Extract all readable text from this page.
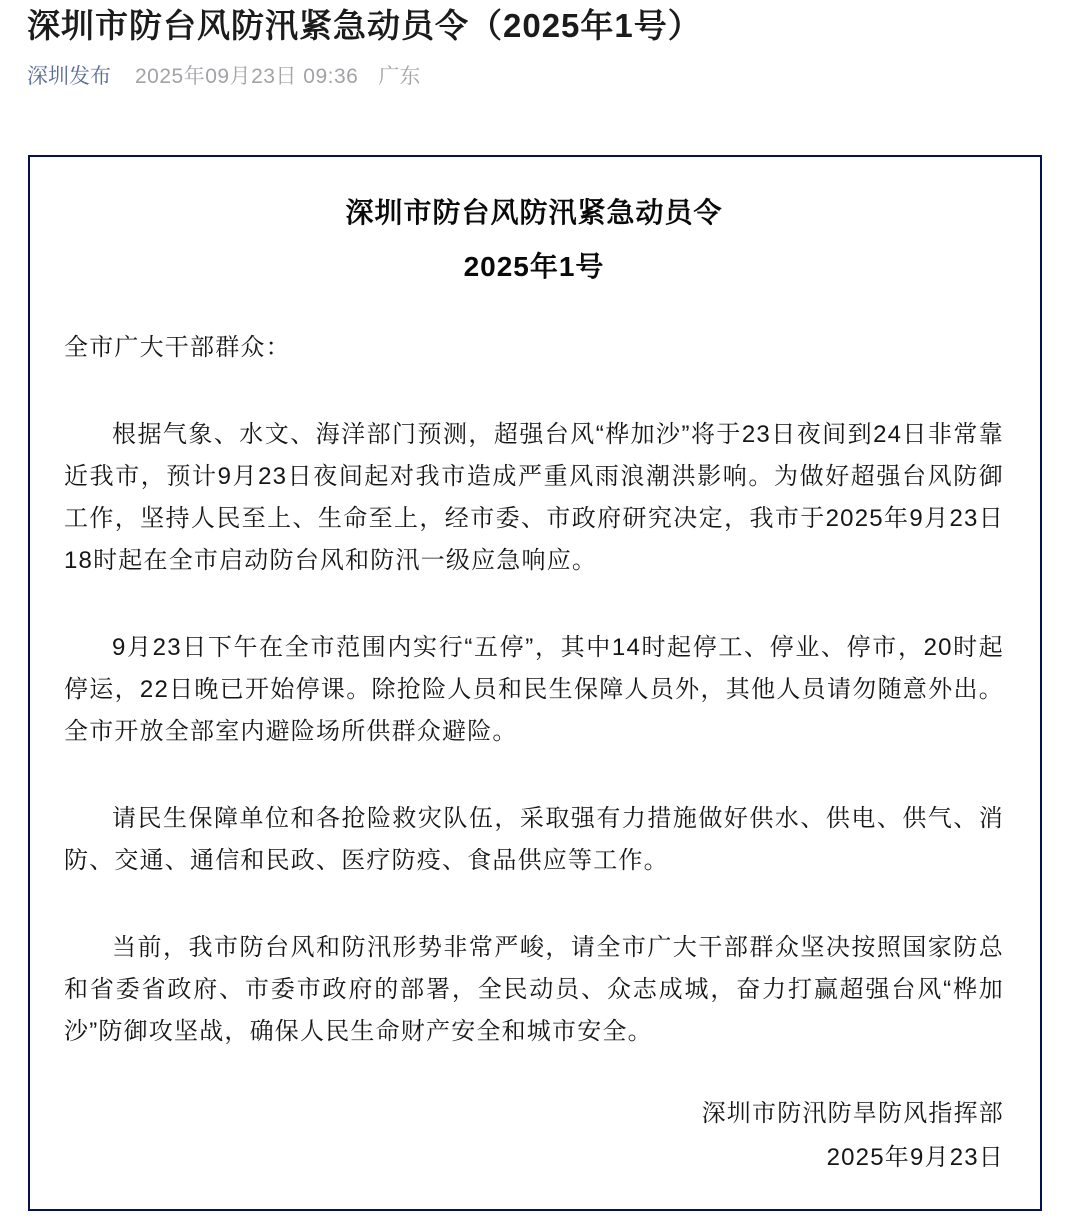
深圳市防台风防汛紧急动员令（2025年1号）
深圳发布 2025年09月23日 09:36 广东
深圳市防台风防汛紧急动员令
2025年1号

全市广大干部群众：

根据气象、水文、海洋部门预测，超强台风“桦加沙”将于23日夜间到24日非常靠近我市，预计9月23日夜间起对我市造成严重风雨浪潮洪影响。为做好超强台风防御工作，坚持人民至上、生命至上，经市委、市政府研究决定，我市于2025年9月23日18时起在全市启动防台风和防汛一级应急响应。

9月23日下午在全市范围内实行“五停”，其中14时起停工、停业、停市，20时起停运，22日晚已开始停课。除抢险人员和民生保障人员外，其他人员请勿随意外出。全市开放全部室内避险场所供群众避险。

请民生保障单位和各抢险救灾队伍，采取强有力措施做好供水、供电、供气、消防、交通、通信和民政、医疗防疫、食品供应等工作。

当前，我市防台风和防汛形势非常严峻，请全市广大干部群众坚决按照国家防总和省委省政府、市委市政府的部署，全民动员、众志成城，奋力打赢超强台风“桦加沙”防御攻坚战，确保人民生命财产安全和城市安全。

深圳市防汛防旱防风指挥部

2025年9月23日
